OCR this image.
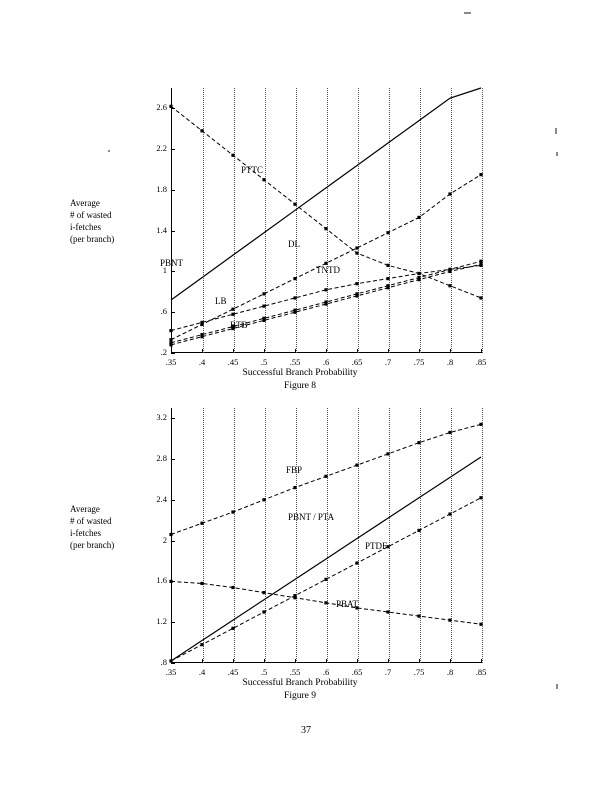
Average
# of wasted
i-fetches
(per branch)
.35	.4	.45	.5	.55	.6	.65	.7	.75	.8	.85
.2
.6
1
1.4
1.8
2.2
2.6
PTTC
PBNT
DL
TNTD
LB
BTB
Successful Branch Probability
Figure 8
Average
# of wasted
i-fetches
(per branch)
.35	.4	.45	.5	.55	.6	.65	.7	.75	.8	.85
.8
1.2
1.6
2
2.4
2.8
3.2
FBP
PBNT / PTA
PTDF
PBAT
Successful Branch Probability
Figure 9
37
